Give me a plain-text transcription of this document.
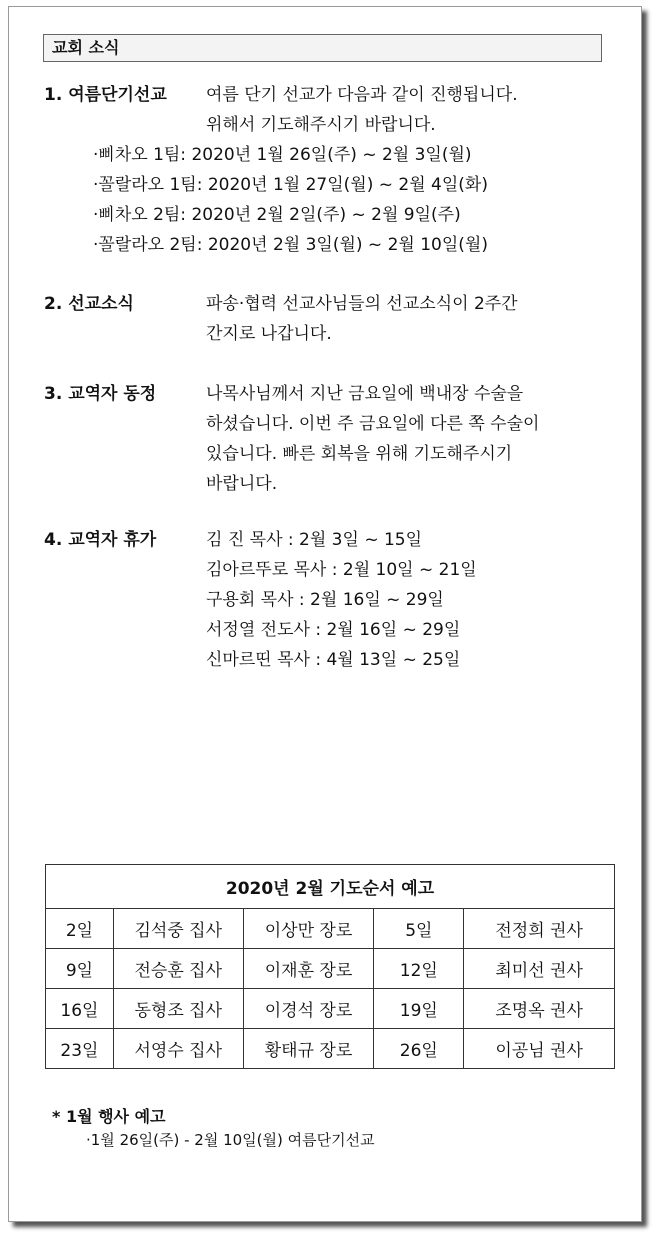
교회 소식
1. 여름단기선교 여름 단기 선교가 다음과 같이 진행됩니다.
위해서 기도해주시기 바랍니다.
·삐차오 1팀: 2020년 1월 26일(주) ~ 2월 3일(월)
·꼴랄라오 1팀: 2020년 1월 27일(월) ~ 2월 4일(화)
·삐차오 2팀: 2020년 2월 2일(주) ~ 2월 9일(주)
·꼴랄라오 2팀: 2020년 2월 3일(월) ~ 2월 10일(월)
2. 선교소식	파송·협력 선교사님들의 선교소식이 2주간
간지로 나갑니다.
3. 교역자 동정	나목사님께서 지난 금요일에 백내장 수술을
하셨습니다. 이번 주 금요일에 다른 쪽 수술이
있습니다. 빠른 회복을 위해 기도해주시기
바랍니다.
4. 교역자 휴가	김 진 목사 : 2월 3일 ~ 15일
김아르뚜로 목사 : 2월 10일 ~ 21일
구용회 목사 : 2월 16일 ~ 29일
서정열 전도사 : 2월 16일 ~ 29일
신마르띤 목사 : 4월 13일 ~ 25일
2020년 2월 기도순서 예고				
2일	김석중 집사	이상만 장로	5일	전정희 권사
9일	전승훈 집사	이재훈 장로	12일	최미선 권사
16일	동형조 집사	이경석 장로	19일	조명옥 권사
23일	서영수 집사	황태규 장로	26일	이공님 권사
* 1월 행사 예고
·1월 26일(주) - 2월 10일(월) 여름단기선교
